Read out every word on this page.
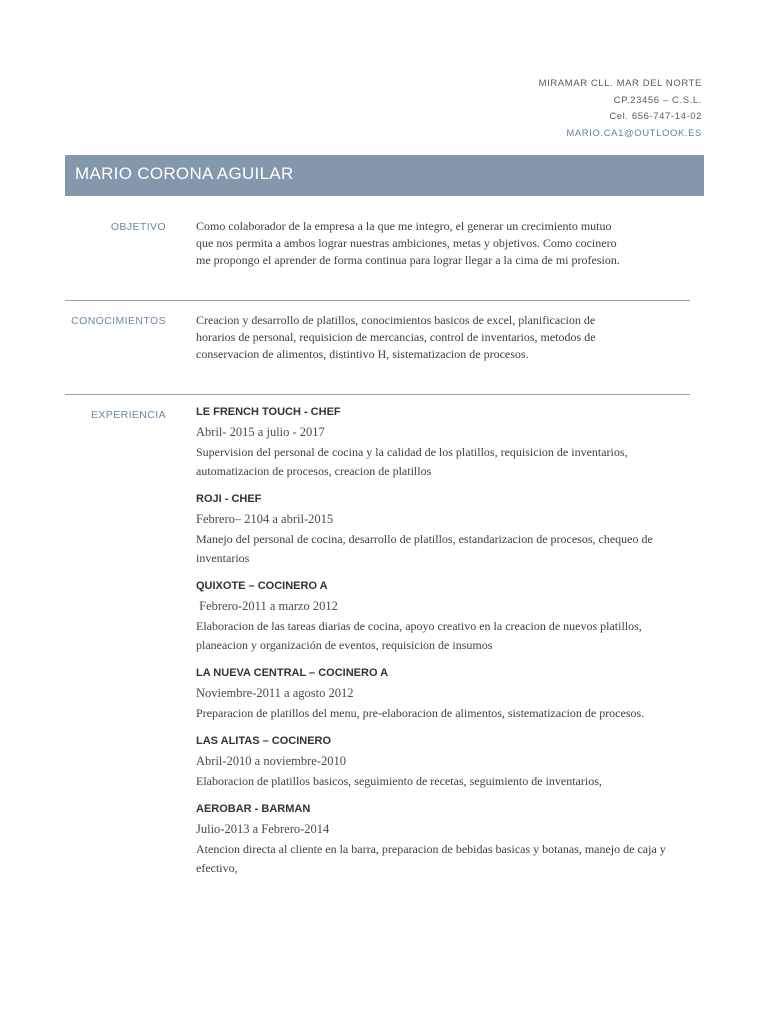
MIRAMAR CLL. MAR DEL NORTE
CP.23456 – C.S.L.
Cel. 656-747-14-02
MARIO.CA1@OUTLOOK.ES
MARIO CORONA AGUILAR
OBJETIVO	Como colaborador de la empresa a la que me integro, el generar un crecimiento mutuo
que nos permita a ambos lograr nuestras ambiciones, metas y objetivos. Como cocinero
me propongo el aprender de forma continua para lograr llegar a la cima de mi profesion.
CONOCIMIENTOS	Creacion y desarrollo de platillos, conocimientos basicos de excel, planificacion de
horarios de personal, requisicion de mercancias, control de inventarios, metodos de
conservacion de alimentos, distintivo H, sistematizacion de procesos.
EXPERIENCIA	LE FRENCH TOUCH - CHEF
Abril- 2015 a julio - 2017
Supervision del personal de cocina y la calidad de los platillos, requisicion de inventarios, automatizacion de procesos, creacion de platillos
ROJI - CHEF
Febrero– 2104 a abril-2015
Manejo del personal de cocina, desarrollo de platillos, estandarizacion de procesos, chequeo de inventarios
QUIXOTE – COCINERO A
Febrero-2011 a marzo 2012
Elaboracion de las tareas diarias de cocina, apoyo creativo en la creacion de nuevos platillos, planeacion y organización de eventos, requisicion de insumos
LA NUEVA CENTRAL – COCINERO A
Noviembre-2011 a agosto 2012
Preparacion de platillos del menu, pre-elaboracion de alimentos, sistematizacion de procesos.
LAS ALITAS – COCINERO
Abril-2010 a noviembre-2010
Elaboracion de platillos basicos, seguimiento de recetas, seguimiento de inventarios,
AEROBAR - BARMAN
Julio-2013 a Febrero-2014
Atencion directa al cliente en la barra, preparacion de bebidas basicas y botanas, manejo de caja y efectivo,
